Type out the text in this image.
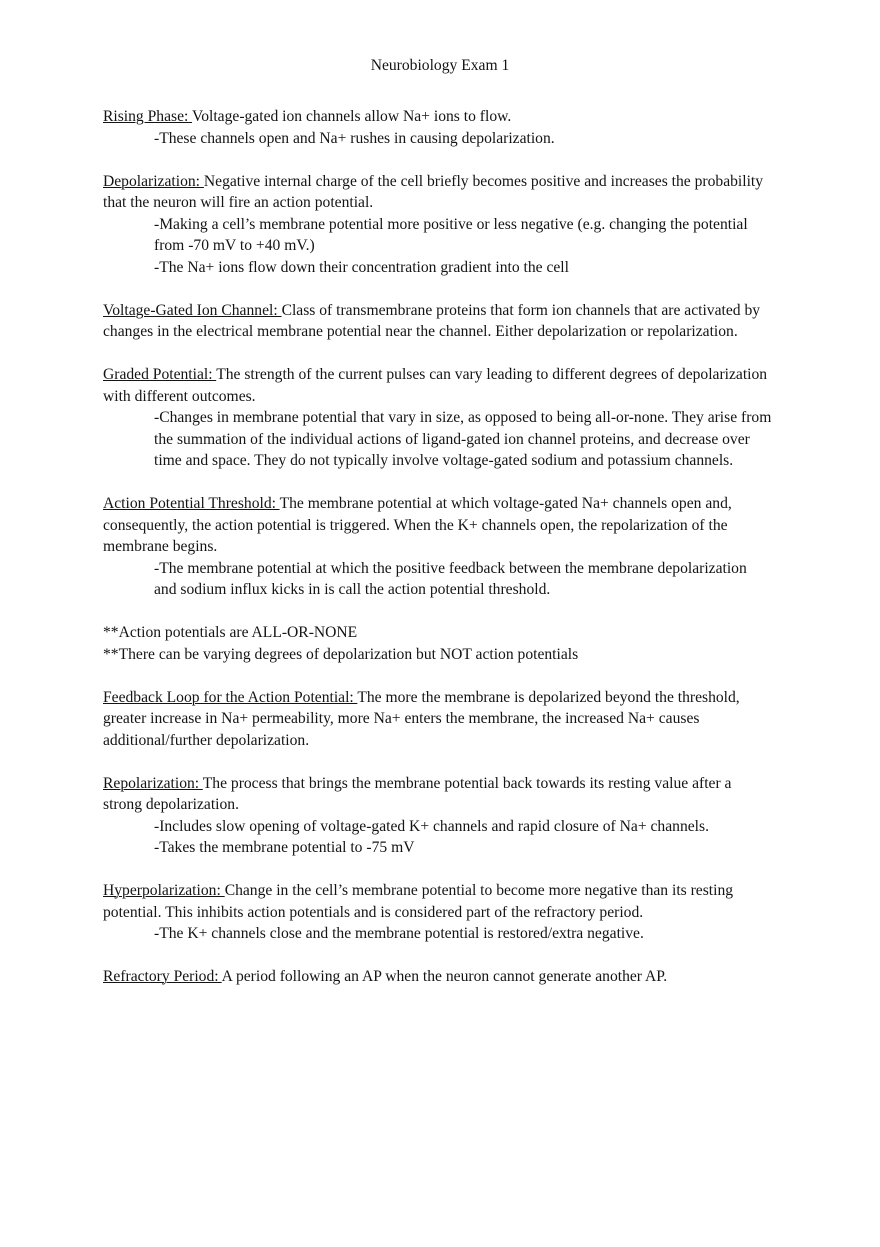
Neurobiology Exam 1

Rising Phase: Voltage-gated ion channels allow Na+ ions to flow.

-These channels open and Na+ rushes in causing depolarization.

Depolarization: Negative internal charge of the cell briefly becomes positive and increases the probability that the neuron will fire an action potential.

-Making a cell’s membrane potential more positive or less negative (e.g. changing the potential from -70 mV to +40 mV.)

-The Na+ ions flow down their concentration gradient into the cell

Voltage-Gated Ion Channel: Class of transmembrane proteins that form ion channels that are activated by changes in the electrical membrane potential near the channel. Either depolarization or repolarization.

Graded Potential: The strength of the current pulses can vary leading to different degrees of depolarization with different outcomes.

-Changes in membrane potential that vary in size, as opposed to being all-or-none. They arise from the summation of the individual actions of ligand-gated ion channel proteins, and decrease over time and space. They do not typically involve voltage-gated sodium and potassium channels.

Action Potential Threshold: The membrane potential at which voltage-gated Na+ channels open and, consequently, the action potential is triggered. When the K+ channels open, the repolarization of the membrane begins.

-The membrane potential at which the positive feedback between the membrane depolarization and sodium influx kicks in is call the action potential threshold.

**Action potentials are ALL-OR-NONE

**There can be varying degrees of depolarization but NOT action potentials

Feedback Loop for the Action Potential: The more the membrane is depolarized beyond the threshold, greater increase in Na+ permeability, more Na+ enters the membrane, the increased Na+ causes additional/further depolarization.

Repolarization: The process that brings the membrane potential back towards its resting value after a strong depolarization.

-Includes slow opening of voltage-gated K+ channels and rapid closure of Na+ channels.

-Takes the membrane potential to -75 mV

Hyperpolarization: Change in the cell’s membrane potential to become more negative than its resting potential. This inhibits action potentials and is considered part of the refractory period.

-The K+ channels close and the membrane potential is restored/extra negative.

Refractory Period: A period following an AP when the neuron cannot generate another AP.
